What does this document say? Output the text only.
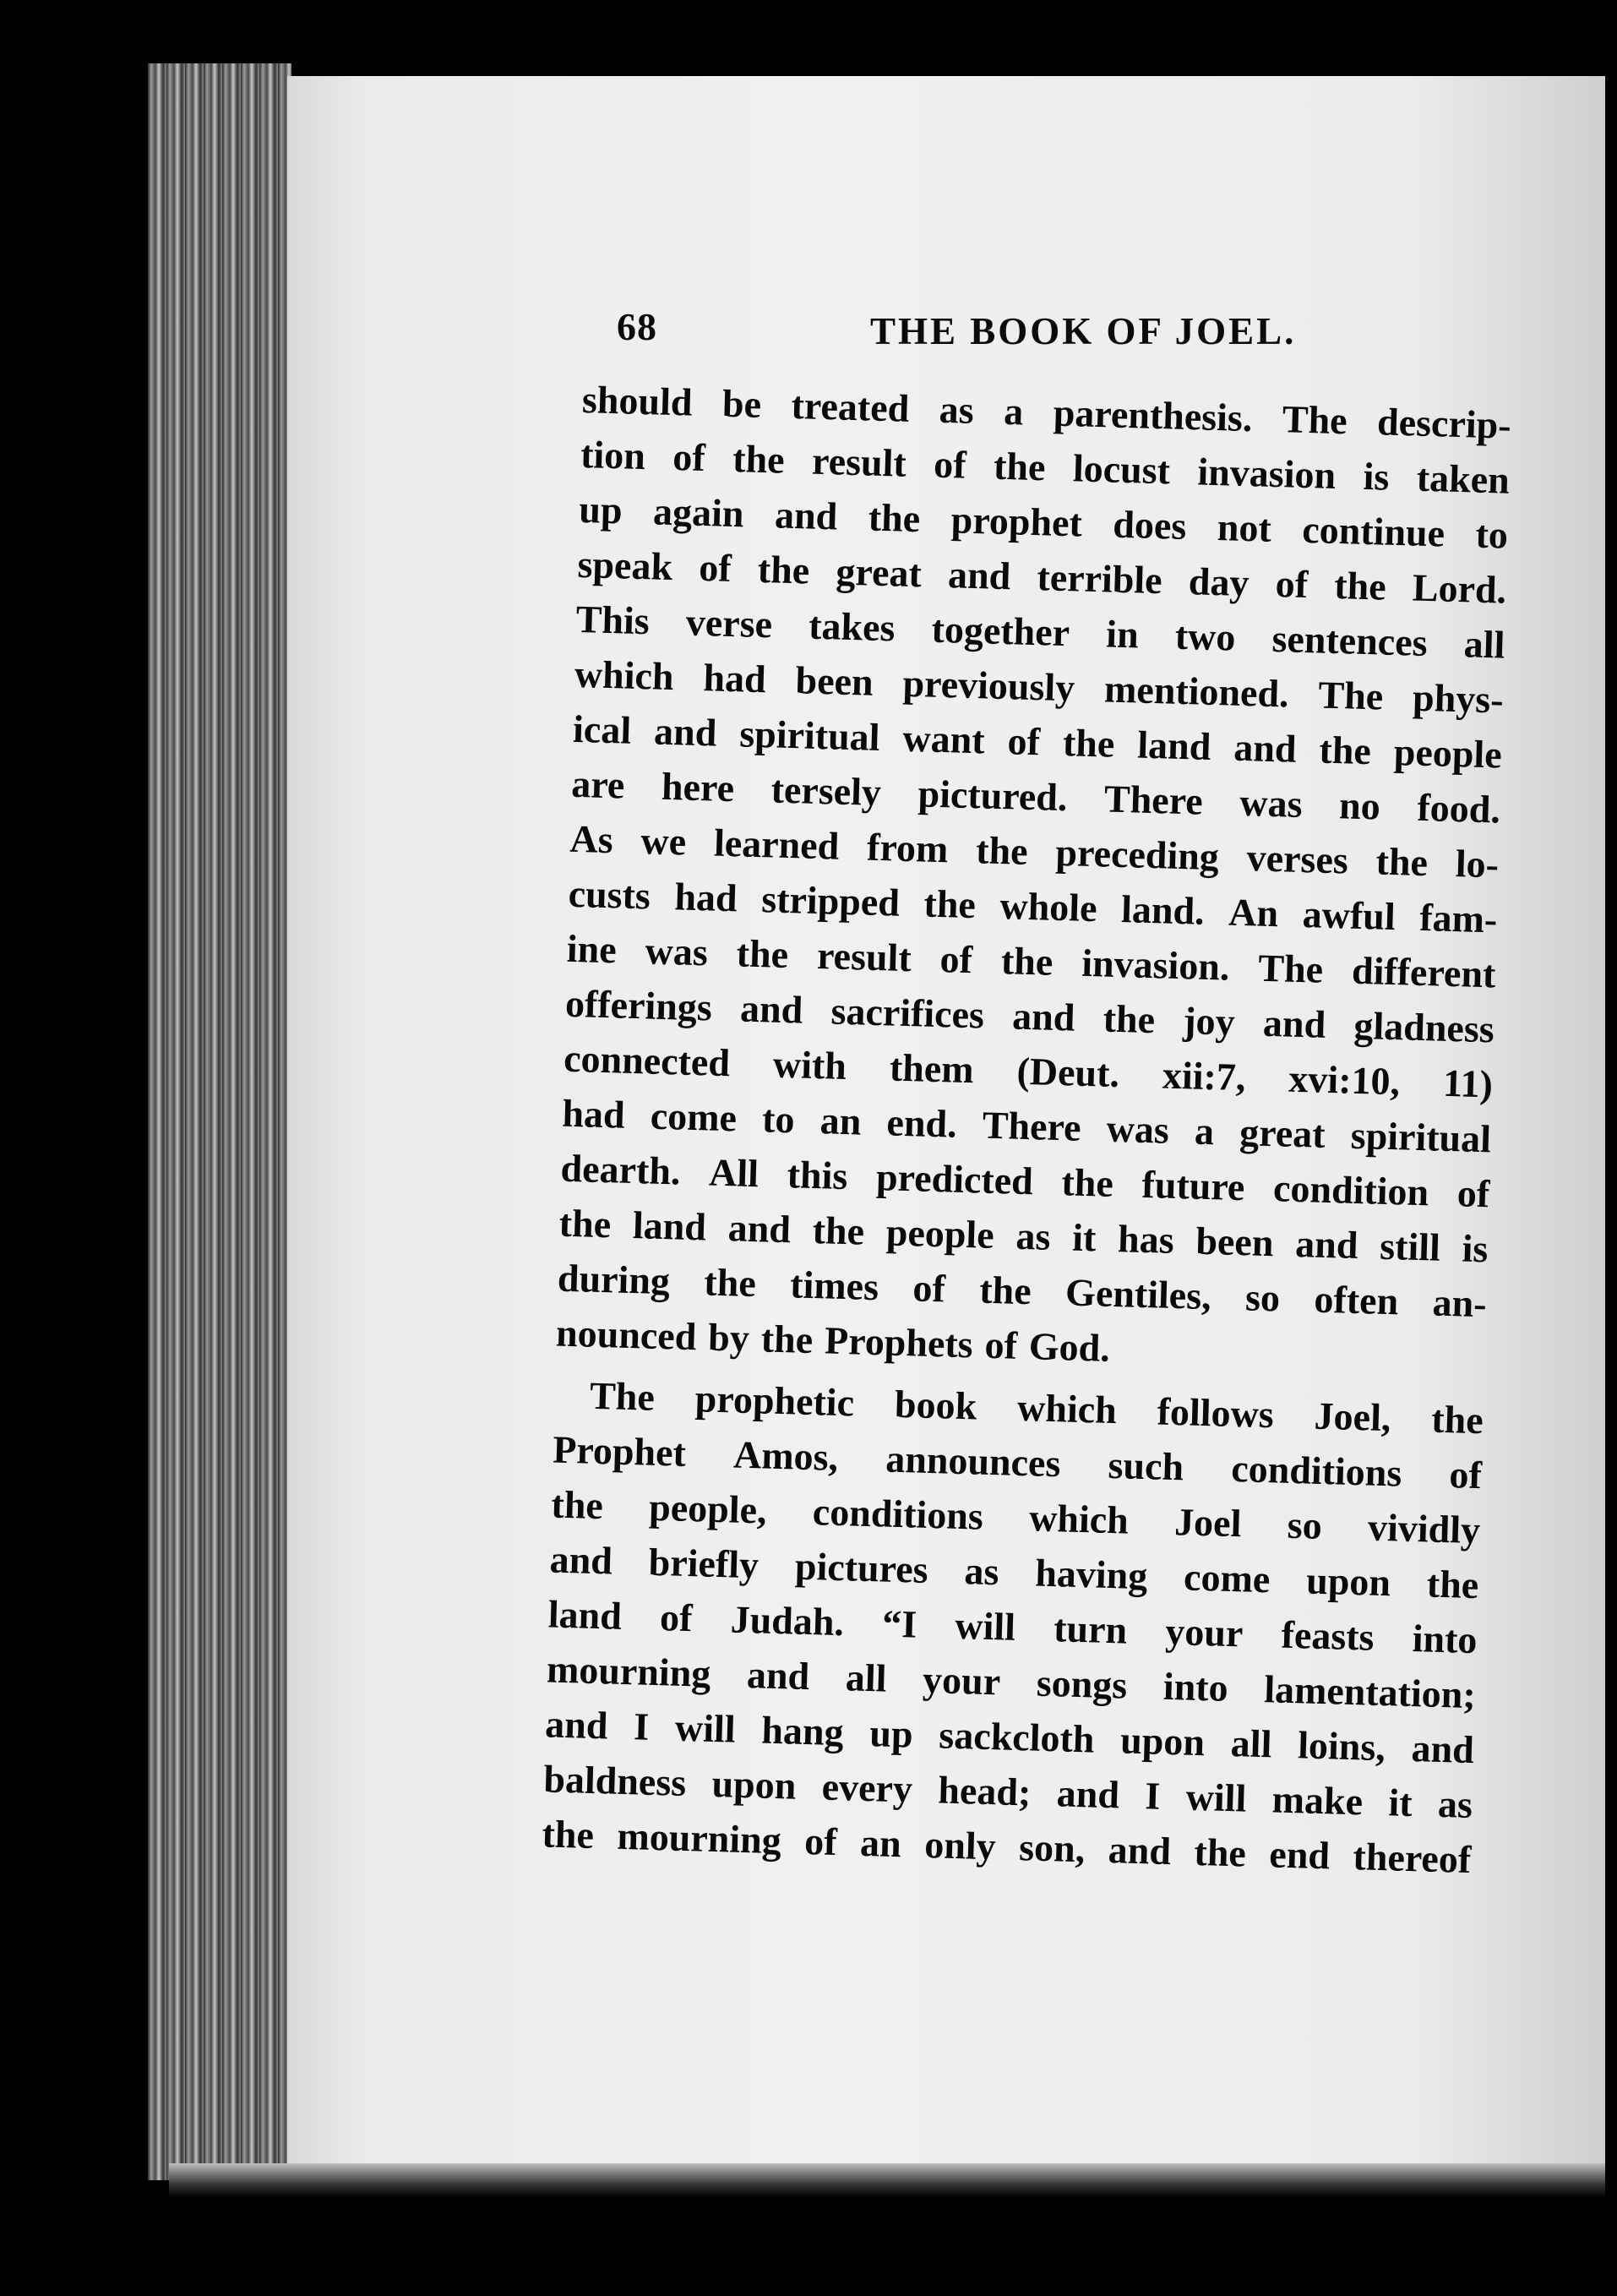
68	THE BOOK OF JOEL.
should be treated as a parenthesis. The descrip-
tion of the result of the locust invasion is taken
up again and the prophet does not continue to
speak of the great and terrible day of the Lord.
This verse takes together in two sentences all
which had been previously mentioned. The phys-
ical and spiritual want of the land and the people
are here tersely pictured. There was no food.
As we learned from the preceding verses the lo-
custs had stripped the whole land. An awful fam-
ine was the result of the invasion. The different
offerings and sacrifices and the joy and gladness
connected with them (Deut. xii:7, xvi:10, 11)
had come to an end. There was a great spiritual
dearth. All this predicted the future condition of
the land and the people as it has been and still is
during the times of the Gentiles, so often an-
nounced by the Prophets of God.
The prophetic book which follows Joel, the
Prophet Amos, announces such conditions of
the people, conditions which Joel so vividly
and briefly pictures as having come upon the
land of Judah. “I will turn your feasts into
mourning and all your songs into lamentation;
and I will hang up sackcloth upon all loins, and
baldness upon every head; and I will make it as
the mourning of an only son, and the end thereof
